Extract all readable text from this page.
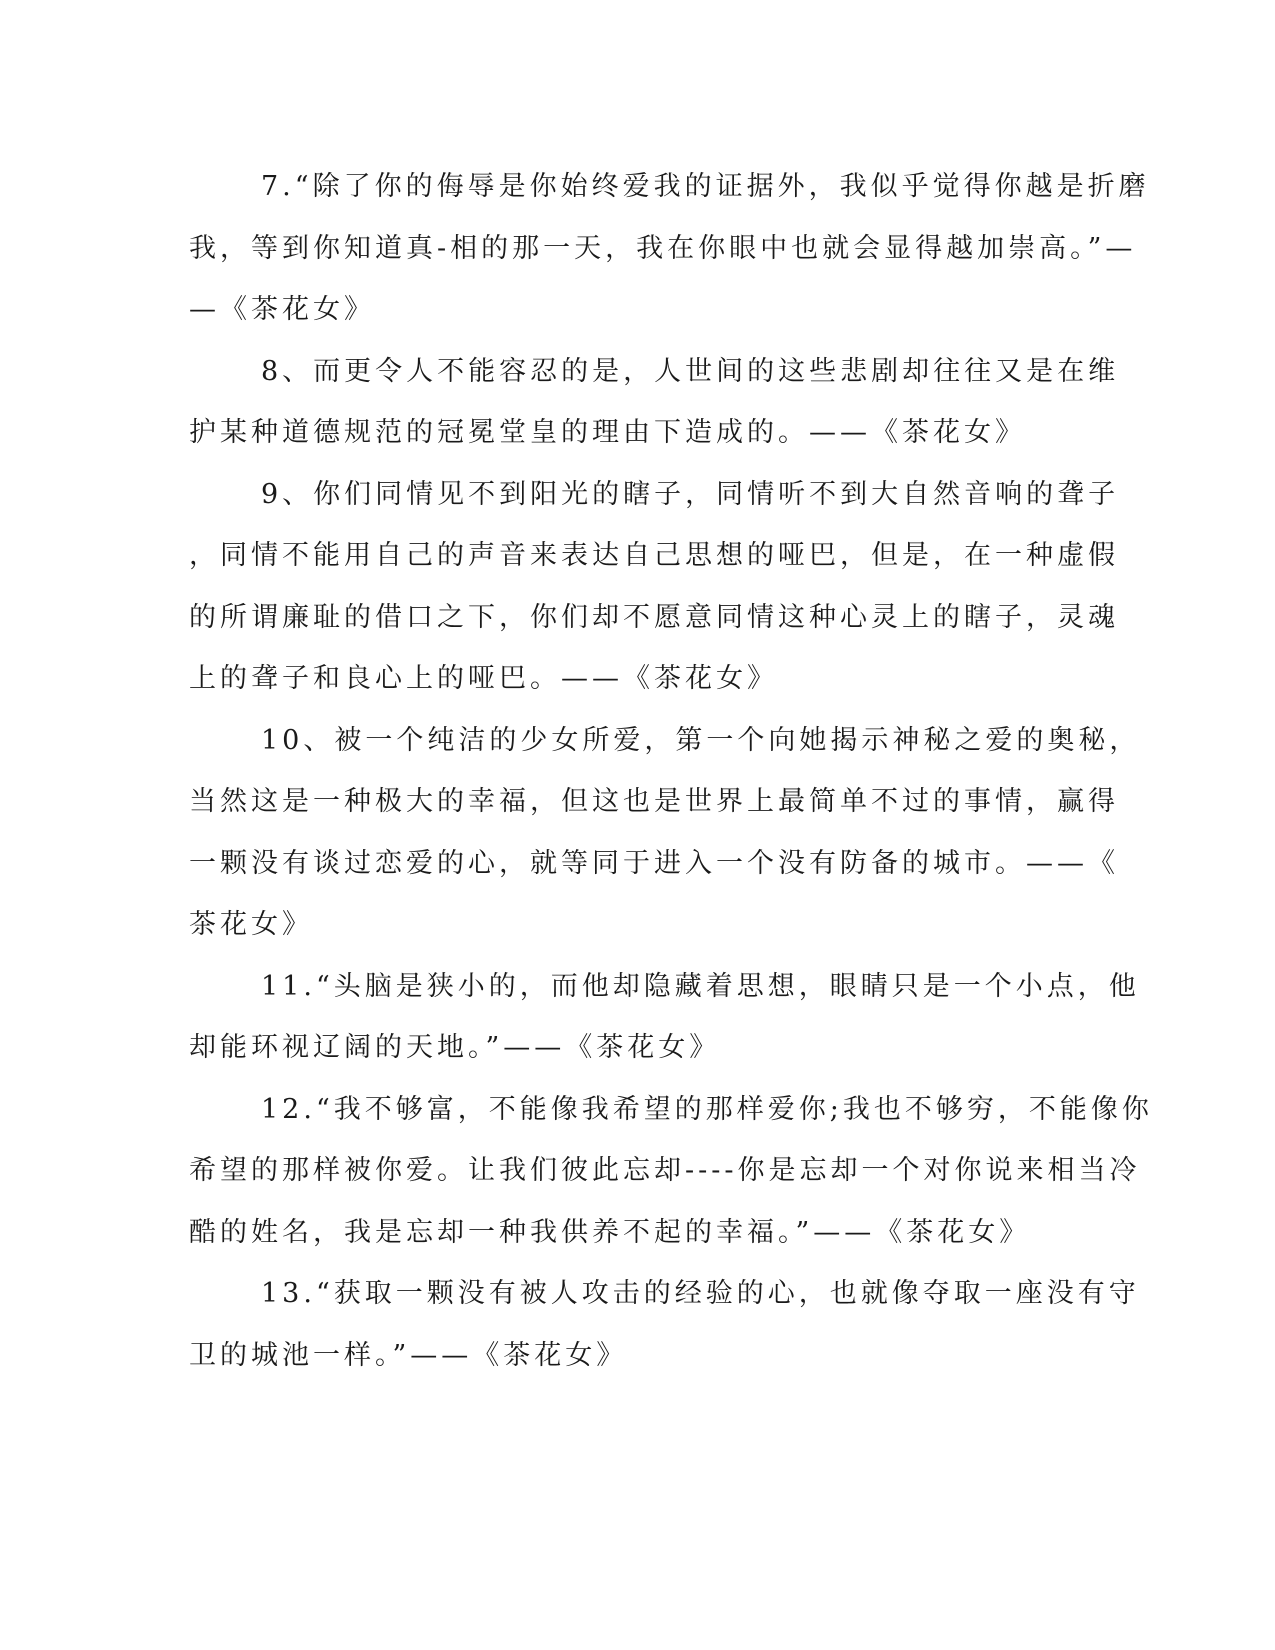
7.“除了你的侮辱是你始终爱我的证据外，我似乎觉得你越是折磨
我，等到你知道真-相的那一天，我在你眼中也就会显得越加崇高。”—
—《茶花女》
8、而更令人不能容忍的是，人世间的这些悲剧却往往又是在维
护某种道德规范的冠冕堂皇的理由下造成的。——《茶花女》
9、你们同情见不到阳光的瞎子，同情听不到大自然音响的聋子
，同情不能用自己的声音来表达自己思想的哑巴，但是，在一种虚假
的所谓廉耻的借口之下，你们却不愿意同情这种心灵上的瞎子，灵魂
上的聋子和良心上的哑巴。——《茶花女》
10、被一个纯洁的少女所爱，第一个向她揭示神秘之爱的奥秘，
当然这是一种极大的幸福，但这也是世界上最简单不过的事情，赢得
一颗没有谈过恋爱的心，就等同于进入一个没有防备的城市。——《
茶花女》
11.“头脑是狭小的，而他却隐藏着思想，眼睛只是一个小点，他
却能环视辽阔的天地。”——《茶花女》
12.“我不够富，不能像我希望的那样爱你;我也不够穷，不能像你
希望的那样被你爱。让我们彼此忘却----你是忘却一个对你说来相当冷
酷的姓名，我是忘却一种我供养不起的幸福。”——《茶花女》
13.“获取一颗没有被人攻击的经验的心，也就像夺取一座没有守
卫的城池一样。”——《茶花女》
